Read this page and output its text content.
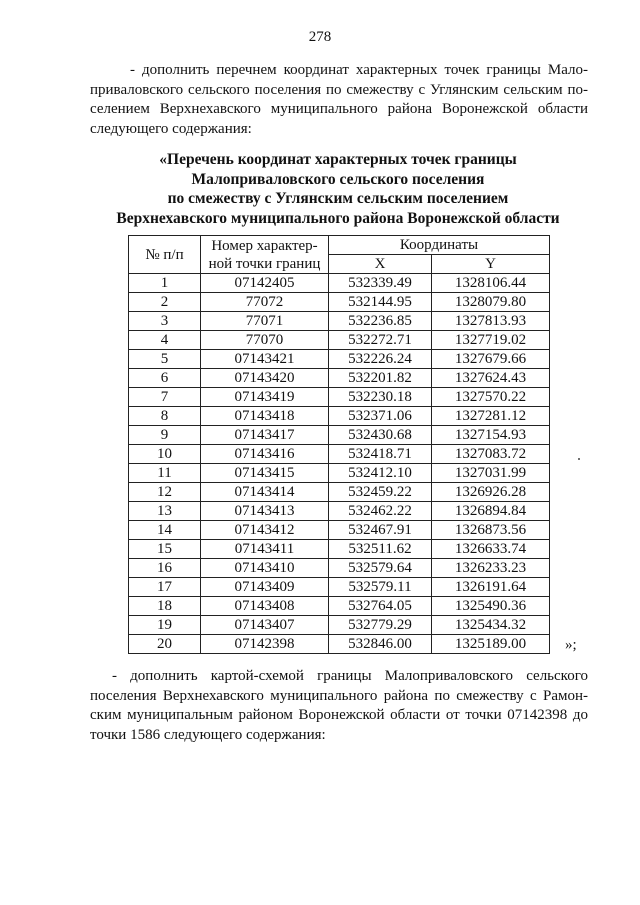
278

- дополнить перечнем координат характерных точек границы Мало-

приваловского сельского поселения по смежеству с Углянским сельским по-

селением Верхнехавского муниципального района Воронежской области

следующего содержания:

«Перечень координат характерных точек границы
Малоприваловского сельского поселения
по смежеству с Углянским сельским поселением
Верхнехавского муниципального района Воронежской области
№ п/п	Номер характер-
ной точки границ	Координаты	
		X	Y
1	07142405	532339.49	1328106.44
2	77072	532144.95	1328079.80
3	77071	532236.85	1327813.93
4	77070	532272.71	1327719.02
5	07143421	532226.24	1327679.66
6	07143420	532201.82	1327624.43
7	07143419	532230.18	1327570.22
8	07143418	532371.06	1327281.12
9	07143417	532430.68	1327154.93
10	07143416	532418.71	1327083.72
11	07143415	532412.10	1327031.99
12	07143414	532459.22	1326926.28
13	07143413	532462.22	1326894.84
14	07143412	532467.91	1326873.56
15	07143411	532511.62	1326633.74
16	07143410	532579.64	1326233.23
17	07143409	532579.11	1326191.64
18	07143408	532764.05	1325490.36
19	07143407	532779.29	1325434.32
20	07142398	532846.00	1325189.00	»;

- дополнить картой-схемой границы Малоприваловского сельского

поселения Верхнехавского муниципального района по смежеству с Рамон-

ским муниципальным районом Воронежской области от точки 07142398 до

точки 1586 следующего содержания:
